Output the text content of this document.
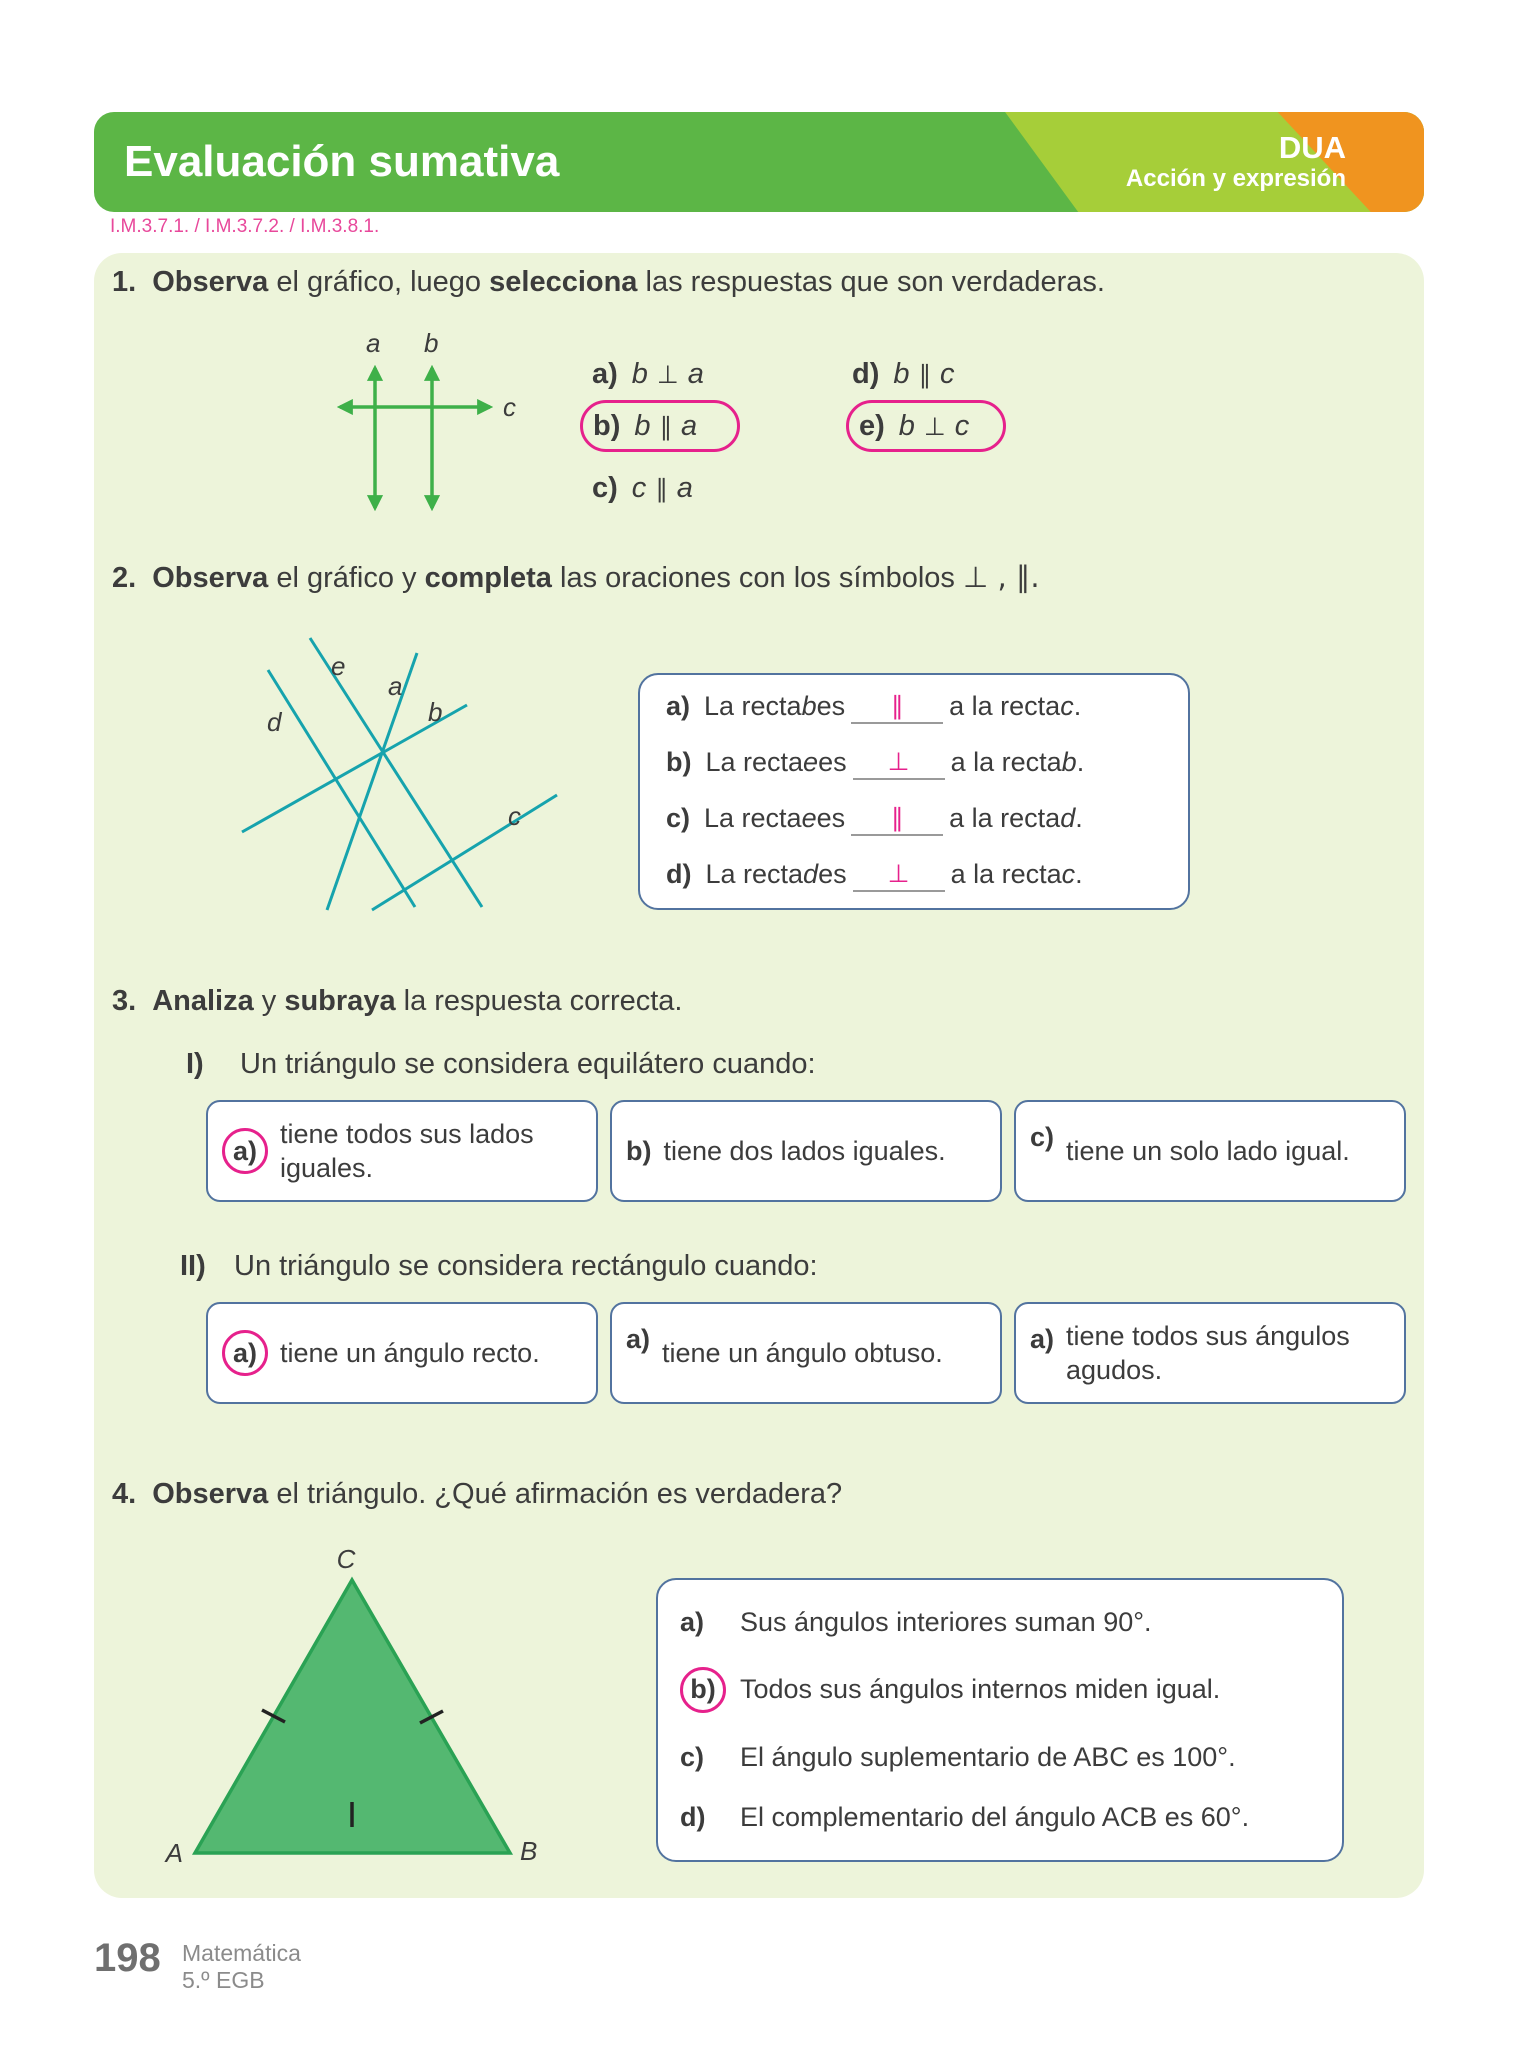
Evaluación sumativa	DUA
Acción y expresión
I.M.3.7.1. / I.M.3.7.2. / I.M.3.8.1.
1. Observa el gráfico, luego selecciona las respuestas que son verdaderas.
a b
c
a) b ⊥ a	d) b ∥ c
b) b ∥ a	e) b ⊥ c
c) c ∥ a
2. Observa el gráfico y completa las oraciones con los símbolos ⊥ , ∥.
e
a
b
d
c
a) La recta b es	∥	a la recta c .
b) La recta e es	⊥	a la recta b .
c) La recta e es	∥	a la recta d .
d) La recta d es	⊥	a la recta c .
3. Analiza y subraya la respuesta correcta.
I) Un triángulo se considera equilátero cuando:
a)
tiene todos sus lados iguales.
b) tiene dos lados iguales.	c) tiene un solo lado igual.
II) Un triángulo se considera rectángulo cuando:
a) tiene un ángulo recto.	a) tiene un ángulo obtuso.	a) tiene todos sus ángulos agudos.
4. Observa el triángulo. ¿Qué afirmación es verdadera?
C
A	B
a)	Sus ángulos interiores suman 90°.
b) Todos sus ángulos internos miden igual.
c)	El ángulo suplementario de ABC es 100°.
d)	El complementario del ángulo ACB es 60°.
198 Matemática
5.º EGB
